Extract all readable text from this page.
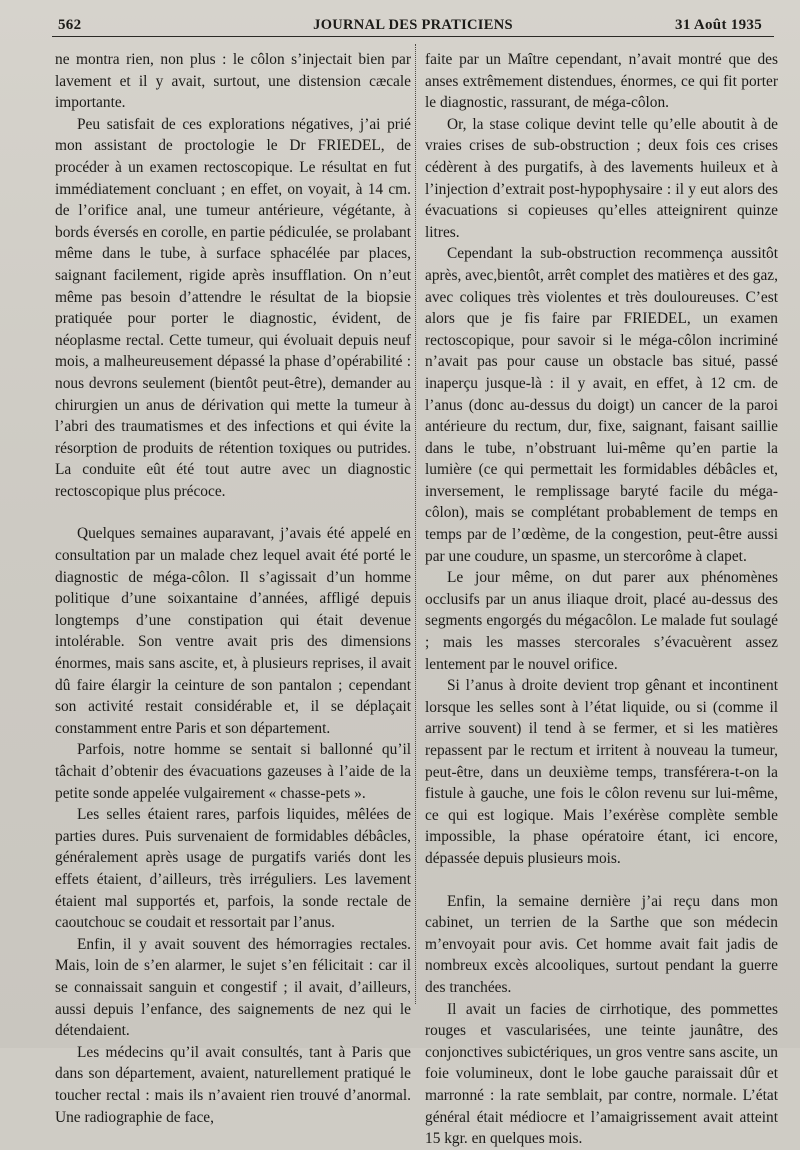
562	JOURNAL DES PRATICIENS	31 Août 1935

ne montra rien, non plus : le côlon s’injectait bien par lavement et il y avait, surtout, une distension cæcale importante.

Peu satisfait de ces explorations négatives, j’ai prié mon assistant de proctologie le Dr FRIEDEL, de procéder à un examen rectoscopique. Le résultat en fut immédiatement concluant ; en effet, on voyait, à 14 cm. de l’orifice anal, une tumeur antérieure, végétante, à bords éversés en corolle, en partie pédiculée, se prolabant même dans le tube, à surface sphacélée par places, saignant facilement, rigide après insufflation. On n’eut même pas besoin d’attendre le résultat de la biopsie pratiquée pour porter le diagnostic, évident, de néoplasme rectal. Cette tumeur, qui évoluait depuis neuf mois, a malheureusement dépassé la phase d’opérabilité : nous devrons seulement (bientôt peut-être), demander au chirurgien un anus de dérivation qui mette la tumeur à l’abri des traumatismes et des infections et qui évite la résorption de produits de rétention toxiques ou putrides. La conduite eût été tout autre avec un diagnostic rectoscopique plus précoce.

Quelques semaines auparavant, j’avais été appelé en consultation par un malade chez lequel avait été porté le diagnostic de méga-côlon. Il s’agissait d’un homme politique d’une soixantaine d’années, affligé depuis longtemps d’une constipation qui était devenue intolérable. Son ventre avait pris des dimensions énormes, mais sans ascite, et, à plusieurs reprises, il avait dû faire élargir la ceinture de son pantalon ; cependant son activité restait considérable et, il se déplaçait constamment entre Paris et son département.

Parfois, notre homme se sentait si ballonné qu’il tâchait d’obtenir des évacuations gazeuses à l’aide de la petite sonde appelée vulgairement « chasse-pets ».

Les selles étaient rares, parfois liquides, mêlées de parties dures. Puis survenaient de formidables débâcles, généralement après usage de purgatifs variés dont les effets étaient, d’ailleurs, très irréguliers. Les lavement étaient mal supportés et, parfois, la sonde rectale de caoutchouc se coudait et ressortait par l’anus.

Enfin, il y avait souvent des hémorragies rectales. Mais, loin de s’en alarmer, le sujet s’en félicitait : car il se connaissait sanguin et congestif ; il avait, d’ailleurs, aussi depuis l’enfance, des saignements de nez qui le détendaient.

Les médecins qu’il avait consultés, tant à Paris que dans son département, avaient, naturellement pratiqué le toucher rectal : mais ils n’avaient rien trouvé d’anormal. Une radiographie de face,

faite par un Maître cependant, n’avait montré que des anses extrêmement distendues, énormes, ce qui fit porter le diagnostic, rassurant, de méga-côlon.

Or, la stase colique devint telle qu’elle aboutit à de vraies crises de sub-obstruction ; deux fois ces crises cédèrent à des purgatifs, à des lavements huileux et à l’injection d’extrait post-hypophysaire : il y eut alors des évacuations si copieuses qu’elles atteignirent quinze litres.

Cependant la sub-obstruction recommença aussitôt après, avec,bientôt, arrêt complet des matières et des gaz, avec coliques très violentes et très douloureuses. C’est alors que je fis faire par FRIEDEL, un examen rectoscopique, pour savoir si le méga-côlon incriminé n’avait pas pour cause un obstacle bas situé, passé inaperçu jusque-là : il y avait, en effet, à 12 cm. de l’anus (donc au-dessus du doigt) un cancer de la paroi antérieure du rectum, dur, fixe, saignant, faisant saillie dans le tube, n’obstruant lui-même qu’en partie la lumière (ce qui permettait les formidables débâcles et, inversement, le remplissage baryté facile du méga-côlon), mais se complétant probablement de temps en temps par de l’œdème, de la congestion, peut-être aussi par une coudure, un spasme, un stercorôme à clapet.

Le jour même, on dut parer aux phénomènes occlusifs par un anus iliaque droit, placé au-dessus des segments engorgés du mégacôlon. Le malade fut soulagé ; mais les masses stercorales s’évacuèrent assez lentement par le nouvel orifice.

Si l’anus à droite devient trop gênant et incontinent lorsque les selles sont à l’état liquide, ou si (comme il arrive souvent) il tend à se fermer, et si les matières repassent par le rectum et irritent à nouveau la tumeur, peut-être, dans un deuxième temps, transférera-t-on la fistule à gauche, une fois le côlon revenu sur lui-même, ce qui est logique. Mais l’exérèse complète semble impossible, la phase opératoire étant, ici encore, dépassée depuis plusieurs mois.

Enfin, la semaine dernière j’ai reçu dans mon cabinet, un terrien de la Sarthe que son médecin m’envoyait pour avis. Cet homme avait fait jadis de nombreux excès alcooliques, surtout pendant la guerre des tranchées.

Il avait un facies de cirrhotique, des pommettes rouges et vascularisées, une teinte jaunâtre, des conjonctives subictériques, un gros ventre sans ascite, un foie volumineux, dont le lobe gauche paraissait dûr et marronné : la rate semblait, par contre, normale. L’état général était médiocre et l’amaigrissement avait atteint 15 kgr. en quelques mois.
